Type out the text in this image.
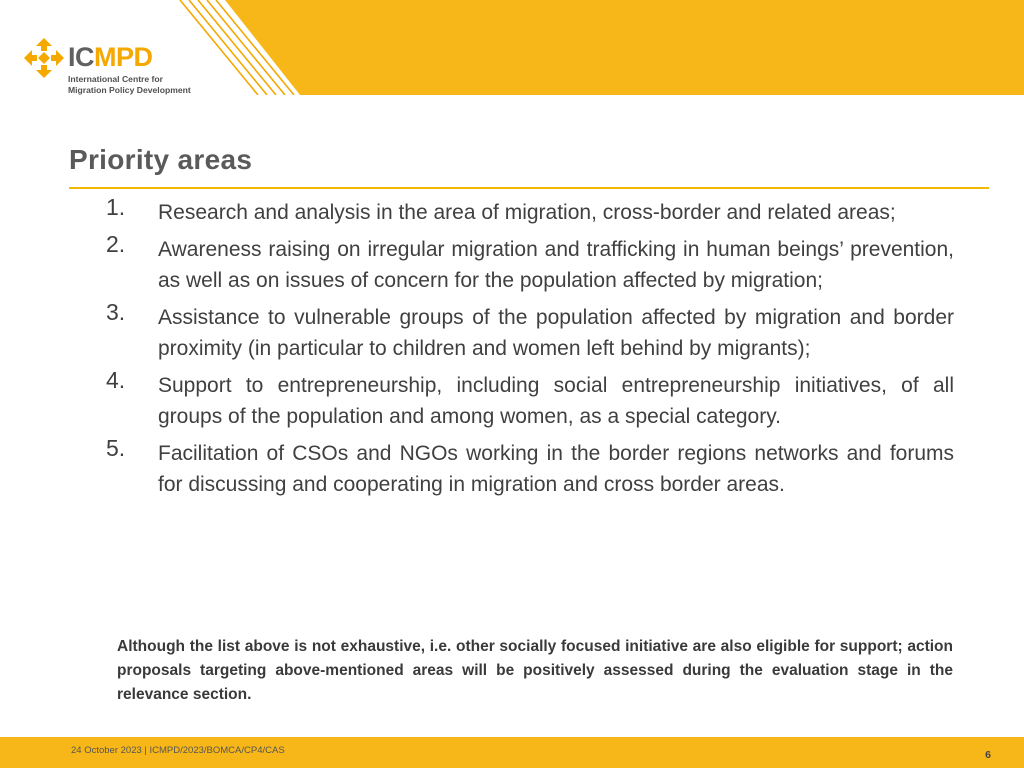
ICMPD
International Centre for
Migration Policy Development
Priority areas
1.	Research and analysis in the area of migration, cross-border and related areas;
2.	Awareness raising on irregular migration and trafficking in human beings’ prevention, as well as on issues of concern for the population affected by migration;
3.	Assistance to vulnerable groups of the population affected by migration and border proximity (in particular to children and women left behind by migrants);
4.	Support to entrepreneurship, including social entrepreneurship initiatives, of all groups of the population and among women, as a special category.
5.	Facilitation of CSOs and NGOs working in the border regions networks and forums for discussing and cooperating in migration and cross border areas.
Although the list above is not exhaustive, i.e. other socially focused initiative are also eligible for support; action proposals targeting above-mentioned areas will be positively assessed during the evaluation stage in the relevance section.
24 October 2023 | ICMPD/2023/BOMCA/CP4/CAS	6
